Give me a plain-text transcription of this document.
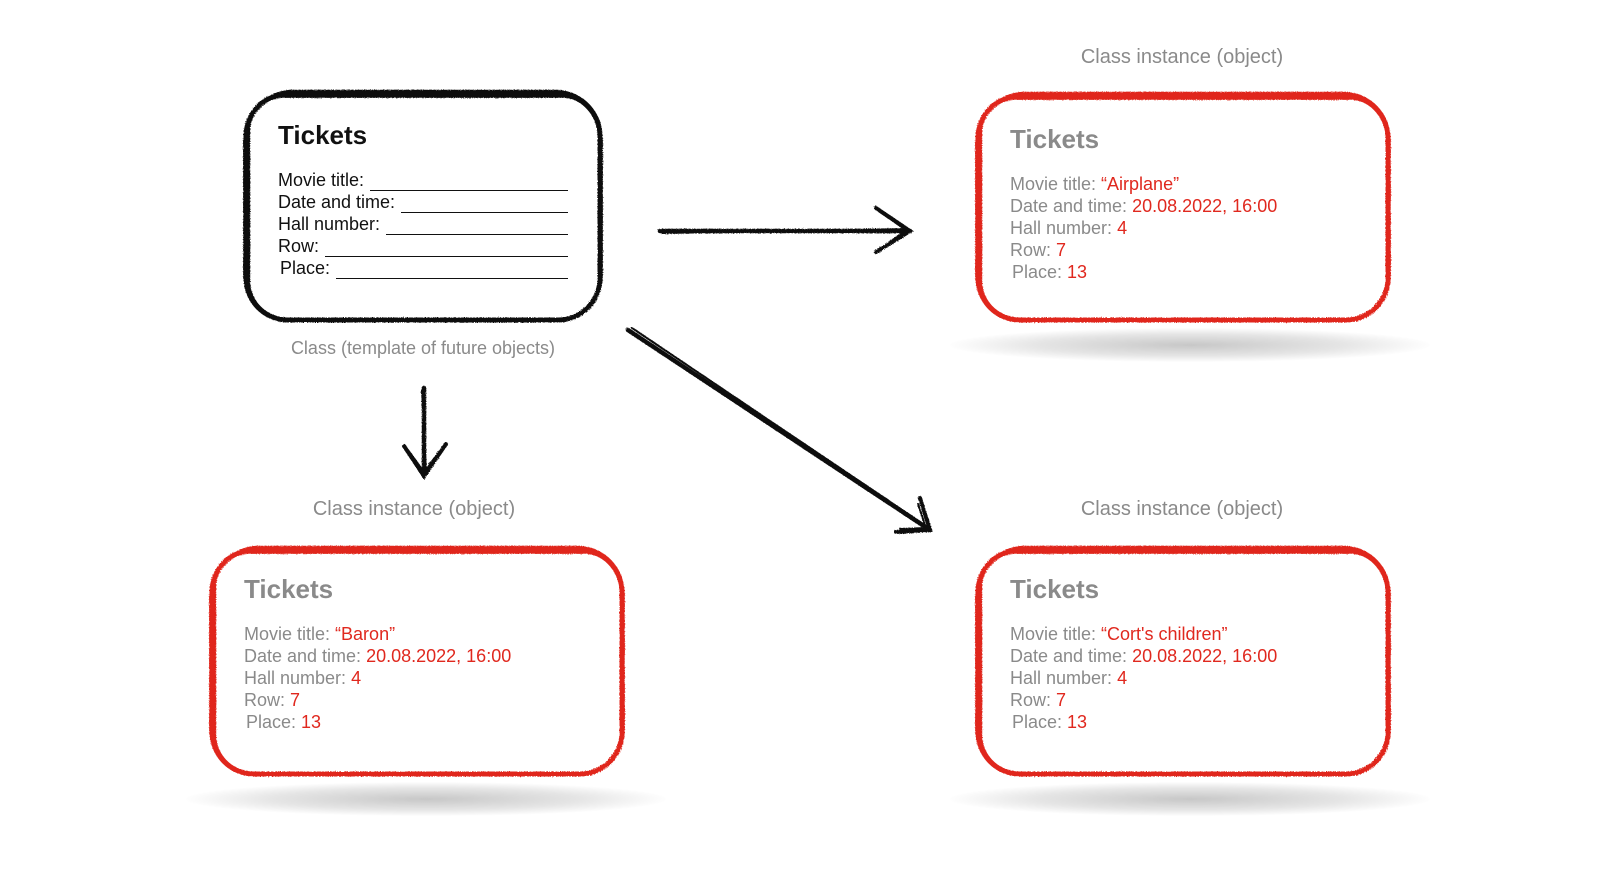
Tickets
Movie title:
Date and time:
Hall number:
Row:
Place:
Class (template of future objects)
Class instance (object)
Tickets
Movie title: “Airplane”
Date and time: 20.08.2022, 16:00
Hall number: 4
Row: 7
Place: 13
Class instance (object)
Tickets
Movie title: “Baron”
Date and time: 20.08.2022, 16:00
Hall number: 4
Row: 7
Place: 13
Class instance (object)
Tickets
Movie title: “Cort's children”
Date and time: 20.08.2022, 16:00
Hall number: 4
Row: 7
Place: 13
